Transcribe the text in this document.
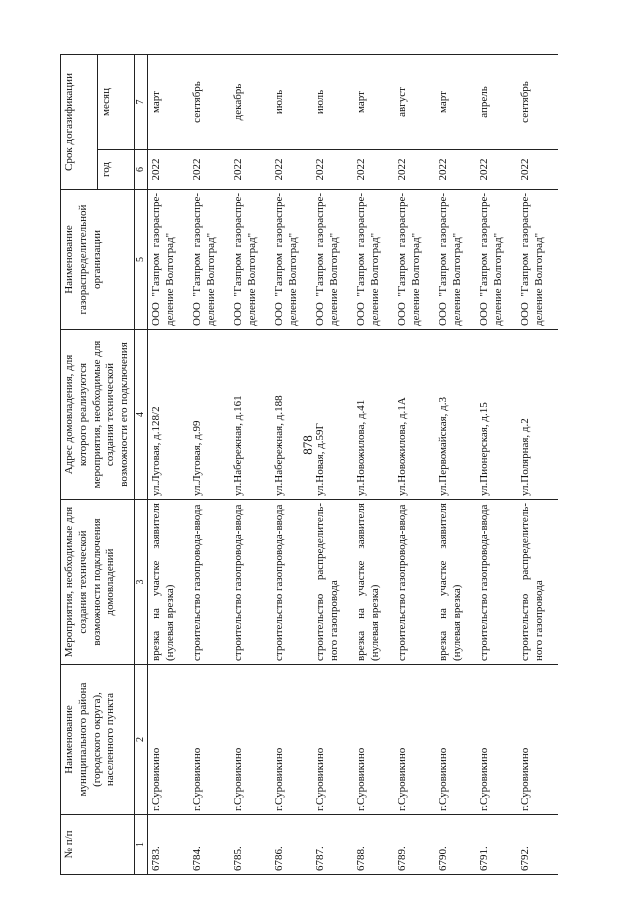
878
№ п/п	Наименование муниципального района (городского округа), населенного пункта	Мероприятия, необходимые для создания технической возможности подключения домовладений	Адрес домовладения, для которого реализуются мероприятия, необходимые для создания технической возможности его подключения	Наименование газораспределительной организации	Срок догазификации	
					год	месяц
1	2	3	4	5	6	7
6783.	г.Суровикино	врезка на участке заявителя (нулевая врезка)	ул.Луговая, д.128/2	ООО "Газпром газораспре-деление Волгоград"	2022	март
6784.	г.Суровикино	строительство газопровода-ввода	ул.Луговая, д.99	ООО "Газпром газораспре-деление Волгоград"	2022	сентябрь
6785.	г.Суровикино	строительство газопровода-ввода	ул.Набережная, д.161	ООО "Газпром газораспре-деление Волгоград"	2022	декабрь
6786.	г.Суровикино	строительство газопровода-ввода	ул.Набережная, д.188	ООО "Газпром газораспре-деление Волгоград"	2022	июль
6787.	г.Суровикино	строительство распределитель-ного газопровода	ул.Новая, д.59Г	ООО "Газпром газораспре-деление Волгоград"	2022	июль
6788.	г.Суровикино	врезка на участке заявителя (нулевая врезка)	ул.Новожилова, д.41	ООО "Газпром газораспре-деление Волгоград"	2022	март
6789.	г.Суровикино	строительство газопровода-ввода	ул.Новожилова, д.1А	ООО "Газпром газораспре-деление Волгоград"	2022	август
6790.	г.Суровикино	врезка на участке заявителя (нулевая врезка)	ул.Первомайская, д.3	ООО "Газпром газораспре-деление Волгоград"	2022	март
6791.	г.Суровикино	строительство газопровода-ввода	ул.Пионерская, д.15	ООО "Газпром газораспре-деление Волгоград"	2022	апрель
6792.	г.Суровикино	строительство распределитель-ного газопровода	ул.Полярная, д.2	ООО "Газпром газораспре-деление Волгоград"	2022	сентябрь
